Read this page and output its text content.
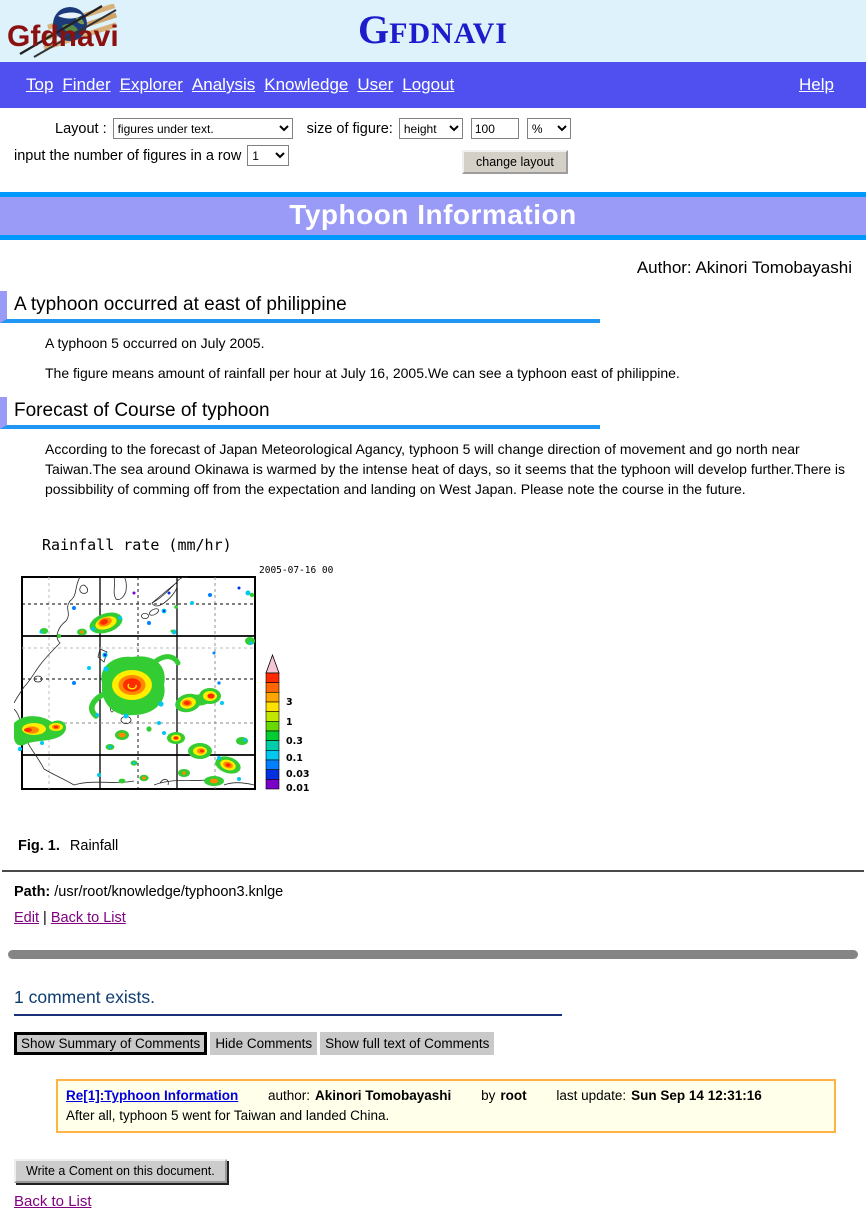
Gfdnavi	GFDNAVI
Top Finder Explorer Analysis Knowledge User Logout	Help
Layout :
figures under text.	size of figure:
height
100
%
input the number of figures in a row
1	change layout
Typhoon Information
Author: Akinori Tomobayashi
A typhoon occurred at east of philippine

A typhoon 5 occurred on July 2005.

The figure means amount of rainfall per hour at July 16, 2005.We can see a typhoon east of philippine.

Forecast of Course of typhoon

According to the forecast of Japan Meteorological Agancy, typhoon 5 will change direction of movement and go north near Taiwan.The sea around Okinawa is warmed by the intense heat of days, so it seems that the typhoon will develop further.There is possibbility of comming off from the expectation and landing on West Japan. Please note the course in the future.

Rainfall rate (mm/hr)
2005-07-16 00
3
1
0.3
0.1
0.03
0.01
Fig. 1. Rainfall
Path: /usr/root/knowledge/typhoon3.knlge
Edit | Back to List
1 comment exists.
Show Summary of Comments	Hide Comments Show full text of Comments
Re[1]:Typhoon Information author: Akinori Tomobayashi by root last update: Sun Sep 14 12:31:16
After all, typhoon 5 went for Taiwan and landed China.
Write a Coment on this document.
Back to List
